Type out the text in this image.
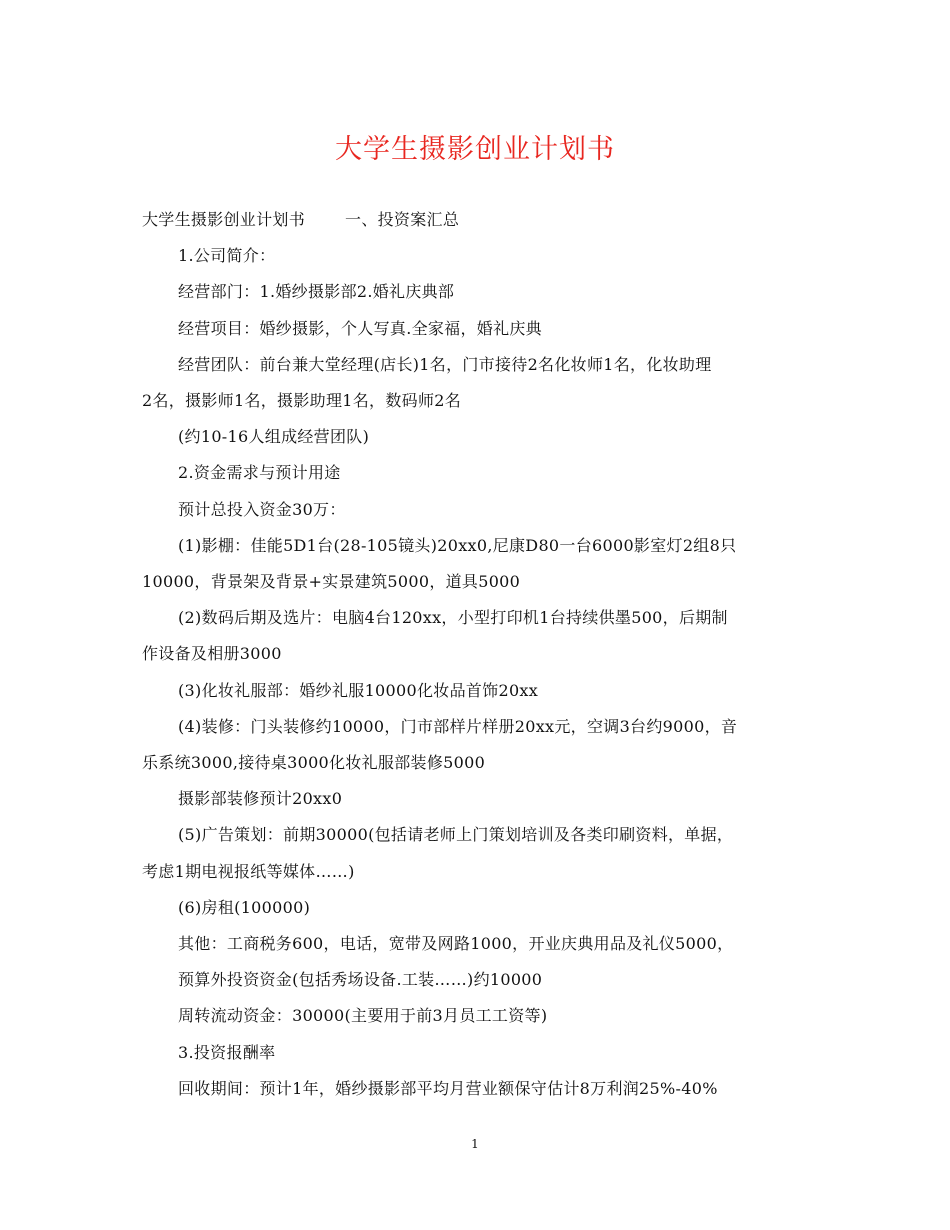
大学生摄影创业计划书
大学生摄影创业计划书	一、投资案汇总
1.公司简介：
经营部门：1.婚纱摄影部2.婚礼庆典部
经营项目：婚纱摄影，个人写真.全家福，婚礼庆典
经营团队：前台兼大堂经理(店长)1名，门市接待2名化妆师1名，化妆助理
2名，摄影师1名，摄影助理1名，数码师2名
(约10-16人组成经营团队)
2.资金需求与预计用途
预计总投入资金30万：
(1)影棚：佳能5D1台(28-105镜头)20xx0,尼康D80一台6000影室灯2组8只
10000，背景架及背景+实景建筑5000，道具5000
(2)数码后期及选片：电脑4台120xx，小型打印机1台持续供墨500，后期制
作设备及相册3000
(3)化妆礼服部：婚纱礼服10000化妆品首饰20xx
(4)装修：门头装修约10000，门市部样片样册20xx元，空调3台约9000，音
乐系统3000,接待桌3000化妆礼服部装修5000
摄影部装修预计20xx0
(5)广告策划：前期30000(包括请老师上门策划培训及各类印刷资料，单据，
考虑1期电视报纸等媒体……)
(6)房租(100000)
其他：工商税务600，电话，宽带及网路1000，开业庆典用品及礼仪5000，
预算外投资资金(包括秀场设备.工装……)约10000
周转流动资金：30000(主要用于前3月员工工资等)
3.投资报酬率
回收期间：预计1年，婚纱摄影部平均月营业额保守估计8万利润25%-40%
1
